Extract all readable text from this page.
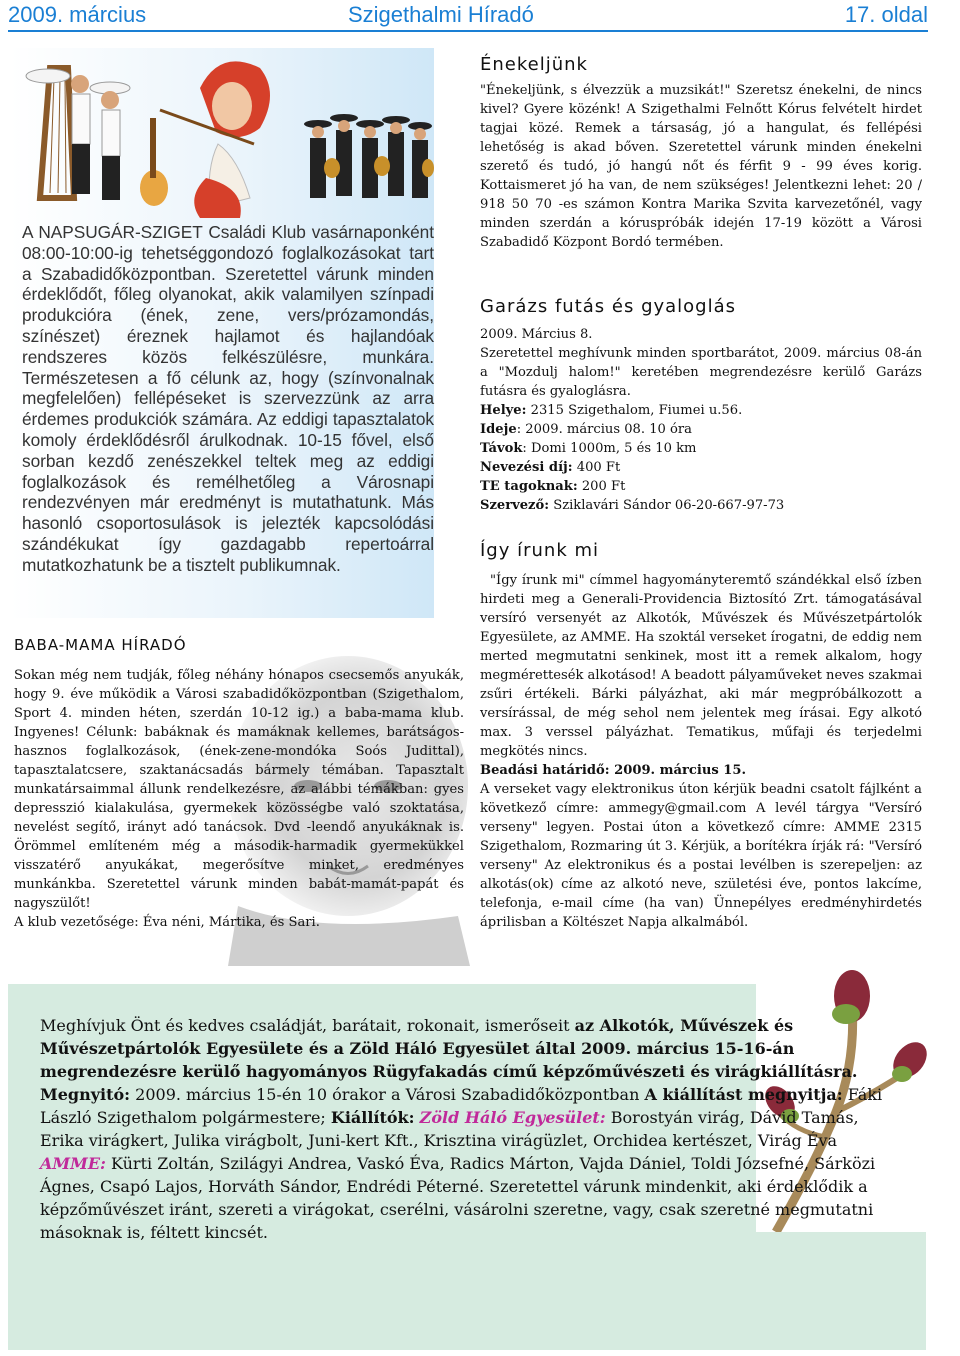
2009. március	Szigethalmi Híradó	17. oldal
A NAPSUGÁR-SZIGET Családi Klub vasárnaponként 08:00-10:00-ig tehetséggondozó foglalkozásokat tart a Szabadidőközpontban. Szeretettel várunk minden érdeklődőt, főleg olyanokat, akik valamilyen színpadi produkcióra (ének, zene, vers/prózamondás, színészet) éreznek hajlamot és hajlandóak rendszeres közös felkészülésre, munkára. Természetesen a fő célunk az, hogy (színvonalnak megfelelően) fellépéseket is szervezzünk az arra érdemes produkciók számára. Az eddigi tapasztalatok komoly érdeklődésről árulkodnak. 10-15 fővel, első sorban kezdő zenészekkel teltek meg az eddigi foglalkozások és remélhetőleg a Városnapi rendezvényen már eredményt is mutathatunk. Más hasonló csoportosulások is jelezték kapcsolódási szándékukat így gazdagabb repertoárral mutatkozhatunk be a tisztelt publikumnak.
BABA-MAMA HÍRADÓ
Sokan még nem tudják, főleg néhány hónapos csecsemős anyukák, hogy 9. éve működik a Városi szabadidőközpontban (Szigethalom, Sport 4. minden héten, szerdán 10-12 ig.) a baba-mama klub. Ingyenes! Célunk: babáknak és mamáknak kellemes, barátságos-hasznos foglalkozások, (ének-zene-mondóka Soós Judittal), tapasztalatcsere, szaktanácsadás bármely témában. Tapasztalt munkatársaimmal állunk rendelkezésre, az alábbi témákban: gyes depresszió kialakulása, gyermekek közösségbe való szoktatása, nevelést segítő, irányt adó tanácsok. Dvd -leendő anyukáknak is. Örömmel említeném még a második-harmadik gyermekükkel visszatérő anyukákat, megerősítve minket, eredményes munkánkba. Szeretettel várunk minden babát-mamát-papát és nagyszülőt!
A klub vezetősége: Éva néni, Mártika, és Sari.
Énekeljünk

"Énekeljünk, s élvezzük a muzsikát!" Szeretsz énekelni, de nincs kivel? Gyere közénk! A Szigethalmi Felnőtt Kórus felvételt hirdet tagjai közé. Remek a társaság, jó a hangulat, és fellépési lehetőség is akad bőven. Szeretettel várunk minden énekelni szerető és tudó, jó hangú nőt és férfit 9 - 99 éves korig. Kottaismeret jó ha van, de nem szükséges! Jelentkezni lehet: 20 / 918 50 70 -es számon Kontra Marika Szvita karvezetőnél, vagy minden szerdán a kóruspróbák idején 17-19 között a Városi Szabadidő Központ Bordó termében.

Garázs futás és gyaloglás

2009. Március 8.

Szeretettel meghívunk minden sportbarátot, 2009. március 08-án a "Mozdulj halom!" keretében megrendezésre kerülő Garázs futásra és gyaloglásra.

Helye: 2315 Szigethalom, Fiumei u.56.

Ideje: 2009. március 08. 10 óra

Távok: Domi 1000m, 5 és 10 km

Nevezési díj: 400 Ft

TE tagoknak: 200 Ft

Szervező: Sziklavári Sándor 06-20-667-97-73

Így írunk mi

"Így írunk mi" címmel hagyományteremtő szándékkal első ízben hirdeti meg a Generali-Providencia Biztosító Zrt. támogatásával versíró versenyét az Alkotók, Művészek és Művészetpártolók Egyesülete, az AMME. Ha szoktál verseket írogatni, de eddig nem merted megmutatni senkinek, most itt a remek alkalom, hogy megmérettesék alkotásod! A beadott pályaműveket neves szakmai zsűri értékeli. Bárki pályázhat, aki már megpróbálkozott a versírással, de még sehol nem jelentek meg írásai. Egy alkotó max. 3 verssel pályázhat. Tematikus, műfaji és terjedelmi megkötés nincs.

Beadási határidő: 2009. március 15.

A verseket vagy elektronikus úton kérjük beadni csatolt fájlként a következő címre: ammegy@gmail.com A levél tárgya "Versíró verseny" legyen. Postai úton a következő címre: AMME 2315 Szigethalom, Rozmaring út 3. Kérjük, a borítékra írják rá: "Versíró verseny" Az elektronikus és a postai levélben is szerepeljen: az alkotás(ok) címe az alkotó neve, születési éve, pontos lakcíme, telefonja, e-mail címe (ha van) Ünnepélyes eredményhirdetés áprilisban a Költészet Napja alkalmából.

Meghívjuk Önt és kedves családját, barátait, rokonait, ismerőseit az Alkotók, Művészek és Művészetpártolók Egyesülete és a Zöld Háló Egyesület által 2009. március 15-16-án megrendezésre kerülő hagyományos Rügyfakadás című képzőművészeti és virágkiállításra.
Megnyitó: 2009. március 15-én 10 órakor a Városi Szabadidőközpontban A kiállítást megnyitja: Fáki László Szigethalom polgármestere; Kiállítók: Zöld Háló Egyesület: Borostyán virág, Dávid Tamás, Erika virágkert, Julika virágbolt, Juni-kert Kft., Krisztina virágüzlet, Orchidea kertészet, Virág Éva AMME: Kürti Zoltán, Szilágyi Andrea, Vaskó Éva, Radics Márton, Vajda Dániel, Toldi Józsefné, Sárközi Ágnes, Csapó Lajos, Horváth Sándor, Endrédi Péterné. Szeretettel várunk mindenkit, aki érdeklődik a képzőművészet iránt, szereti a virágokat, cserélni, vásárolni szeretne, vagy, csak szeretné megmutatni másoknak is, féltett kincsét.
